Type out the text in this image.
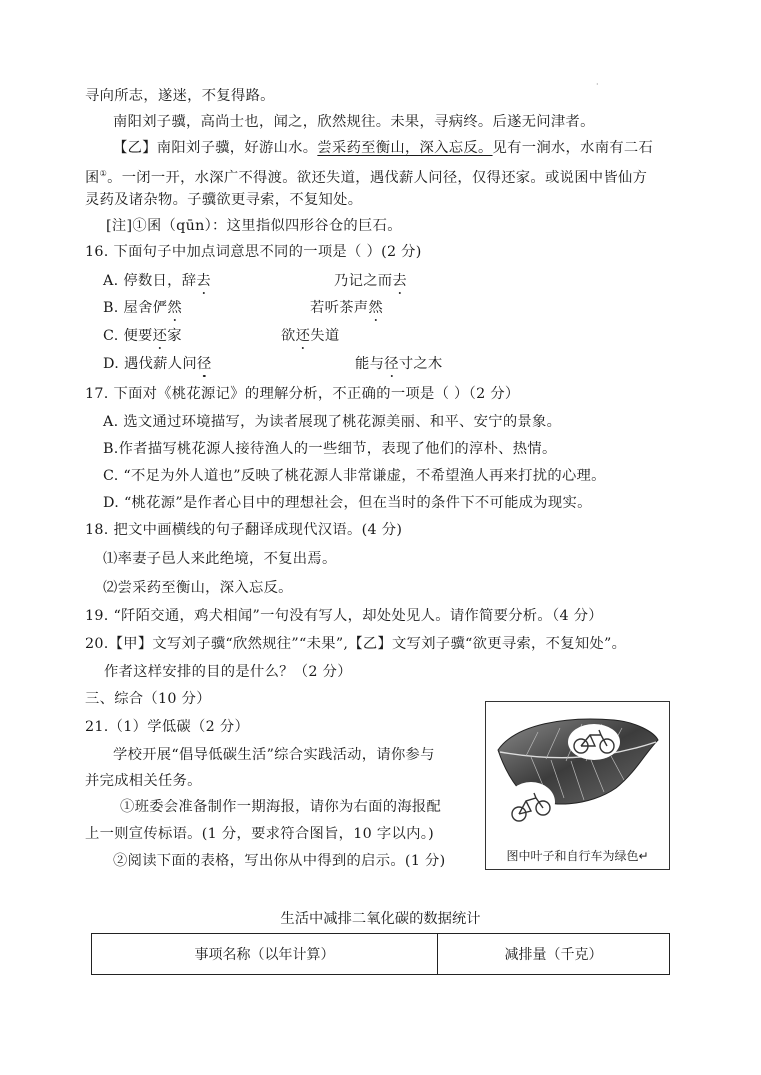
·
寻向所志，遂迷，不复得路。
南阳刘子骥，高尚士也，闻之，欣然规往。未果，寻病终。后遂无问津者。
【乙】南阳刘子骥，好游山水。尝采药至衡山，深入忘反。见有一涧水，水南有二石
囷①。一闭一开，水深广不得渡。欲还失道，遇伐薪人问径，仅得还家。或说囷中皆仙方
灵药及诸杂物。子骥欲更寻索，不复知处。
[注]①囷（qūn）：这里指似四形谷仓的巨石。
16. 下面句子中加点词意思不同的一项是（ ）(2 分)
A. 停数日，辞去	乃记之而去
B. 屋舍俨然	若听茶声然
C. 便要还家	欲还失道
D. 遇伐薪人问径	能与径寸之木
17. 下面对《桃花源记》的理解分析，不正确的一项是（ ）（2 分）
A. 选文通过环境描写，为读者展现了桃花源美丽、和平、安宁的景象。
B.作者描写桃花源人接待渔人的一些细节，表现了他们的淳朴、热情。
C. “不足为外人道也”反映了桃花源人非常谦虚，不希望渔人再来打扰的心理。
D. “桃花源”是作者心目中的理想社会，但在当时的条件下不可能成为现实。
18. 把文中画横线的句子翻译成现代汉语。(4 分)
⑴率妻子邑人来此绝境，不复出焉。
⑵尝采药至衡山，深入忘反。
19. “阡陌交通，鸡犬相闻”一句没有写人，却处处见人。请作简要分析。（4 分）
20.【甲】文写刘子骥“欣然规往”“未果”,【乙】文写刘子骥“欲更寻索，不复知处”。
作者这样安排的目的是什么？（2 分）
三、综合（10 分）
21.（1）学低碳（2 分）
学校开展“倡导低碳生活”综合实践活动，请你参与
并完成相关任务。
①班委会准备制作一期海报，请你为右面的海报配
上一则宣传标语。(1 分，要求符合图旨，10 字以内。)
②阅读下面的表格，写出你从中得到的启示。(1 分)	图中叶子和自行车为绿色↵
生活中减排二氧化碳的数据统计
事项名称（以年计算）	减排量（千克）
